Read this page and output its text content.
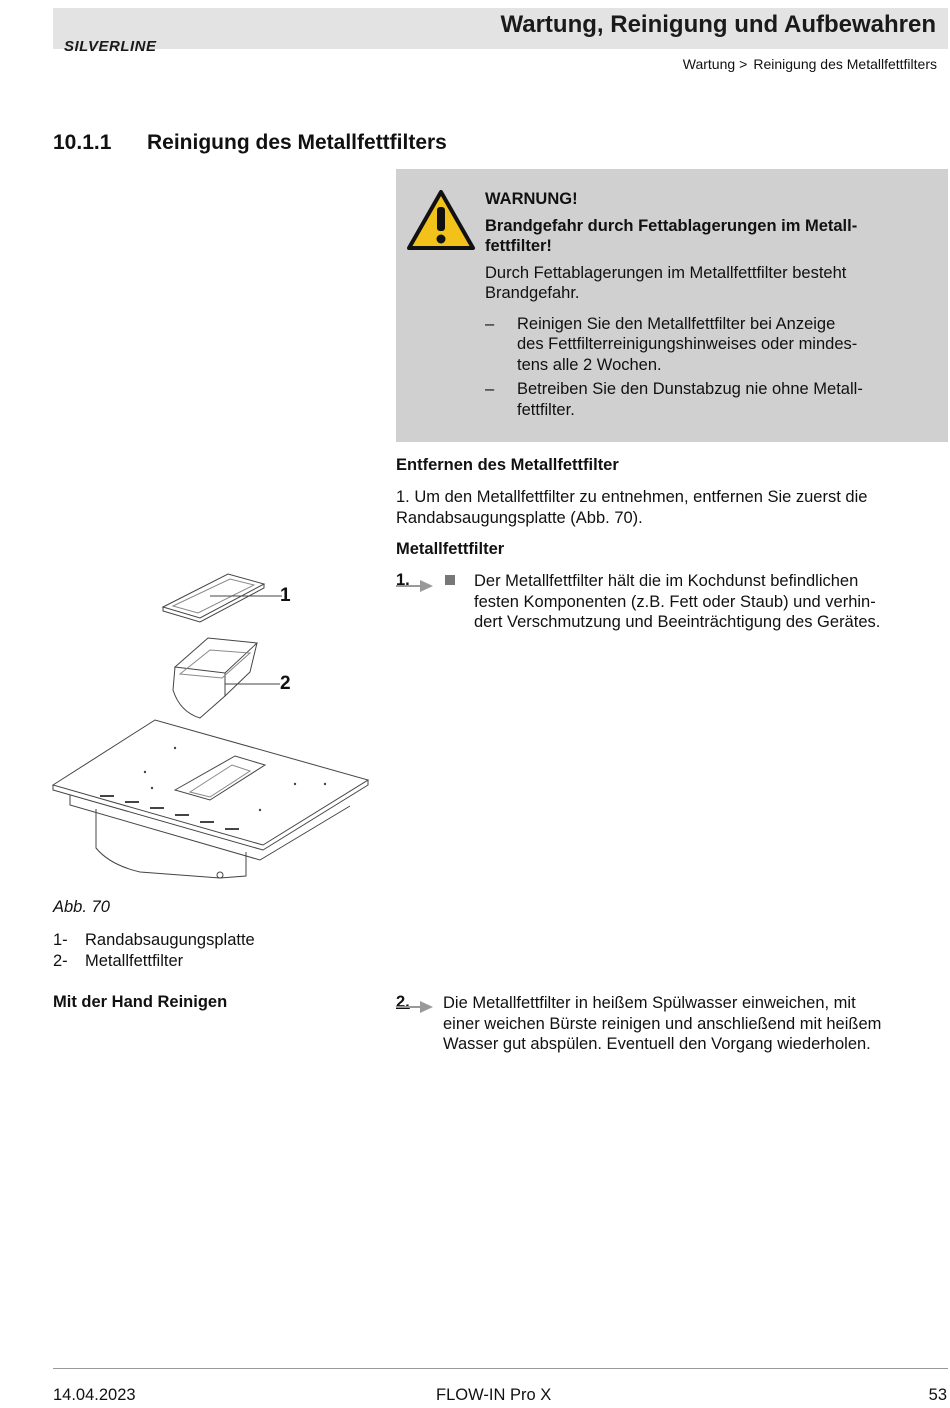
SILVERLINE
Wartung, Reinigung und Aufbewahren
Wartung > Reinigung des Metallfettfilters
10.1.1 Reinigung des Metallfettfilters
WARNUNG!
Brandgefahr durch Fettablagerungen im Metall-
fettfilter!
Durch Fettablagerungen im Metallfettfilter besteht
Brandgefahr.
– Reinigen Sie den Metallfettfilter bei Anzeige
des Fettfilterreinigungshinweises oder mindes-
tens alle 2 Wochen.
– Betreiben Sie den Dunstabzug nie ohne Metall-
fettfilter.
Entfernen des Metallfettfilter
1. Um den Metallfettfilter zu entnehmen, entfernen Sie zuerst die
Randabsaugungsplatte (Abb. 70).
Metallfettfilter
1.	Der Metallfettfilter hält die im Kochdunst befindlichen
festen Komponenten (z.B. Fett oder Staub) und verhin-
dert Verschmutzung und Beeinträchtigung des Gerätes.
1
2
Abb. 70
1- Randabsaugungsplatte
2- Metallfettfilter
Mit der Hand Reinigen	2. Die Metallfettfilter in heißem Spülwasser einweichen, mit
einer weichen Bürste reinigen und anschließend mit heißem
Wasser gut abspülen. Eventuell den Vorgang wiederholen.
14.04.2023	FLOW-IN Pro X	53
